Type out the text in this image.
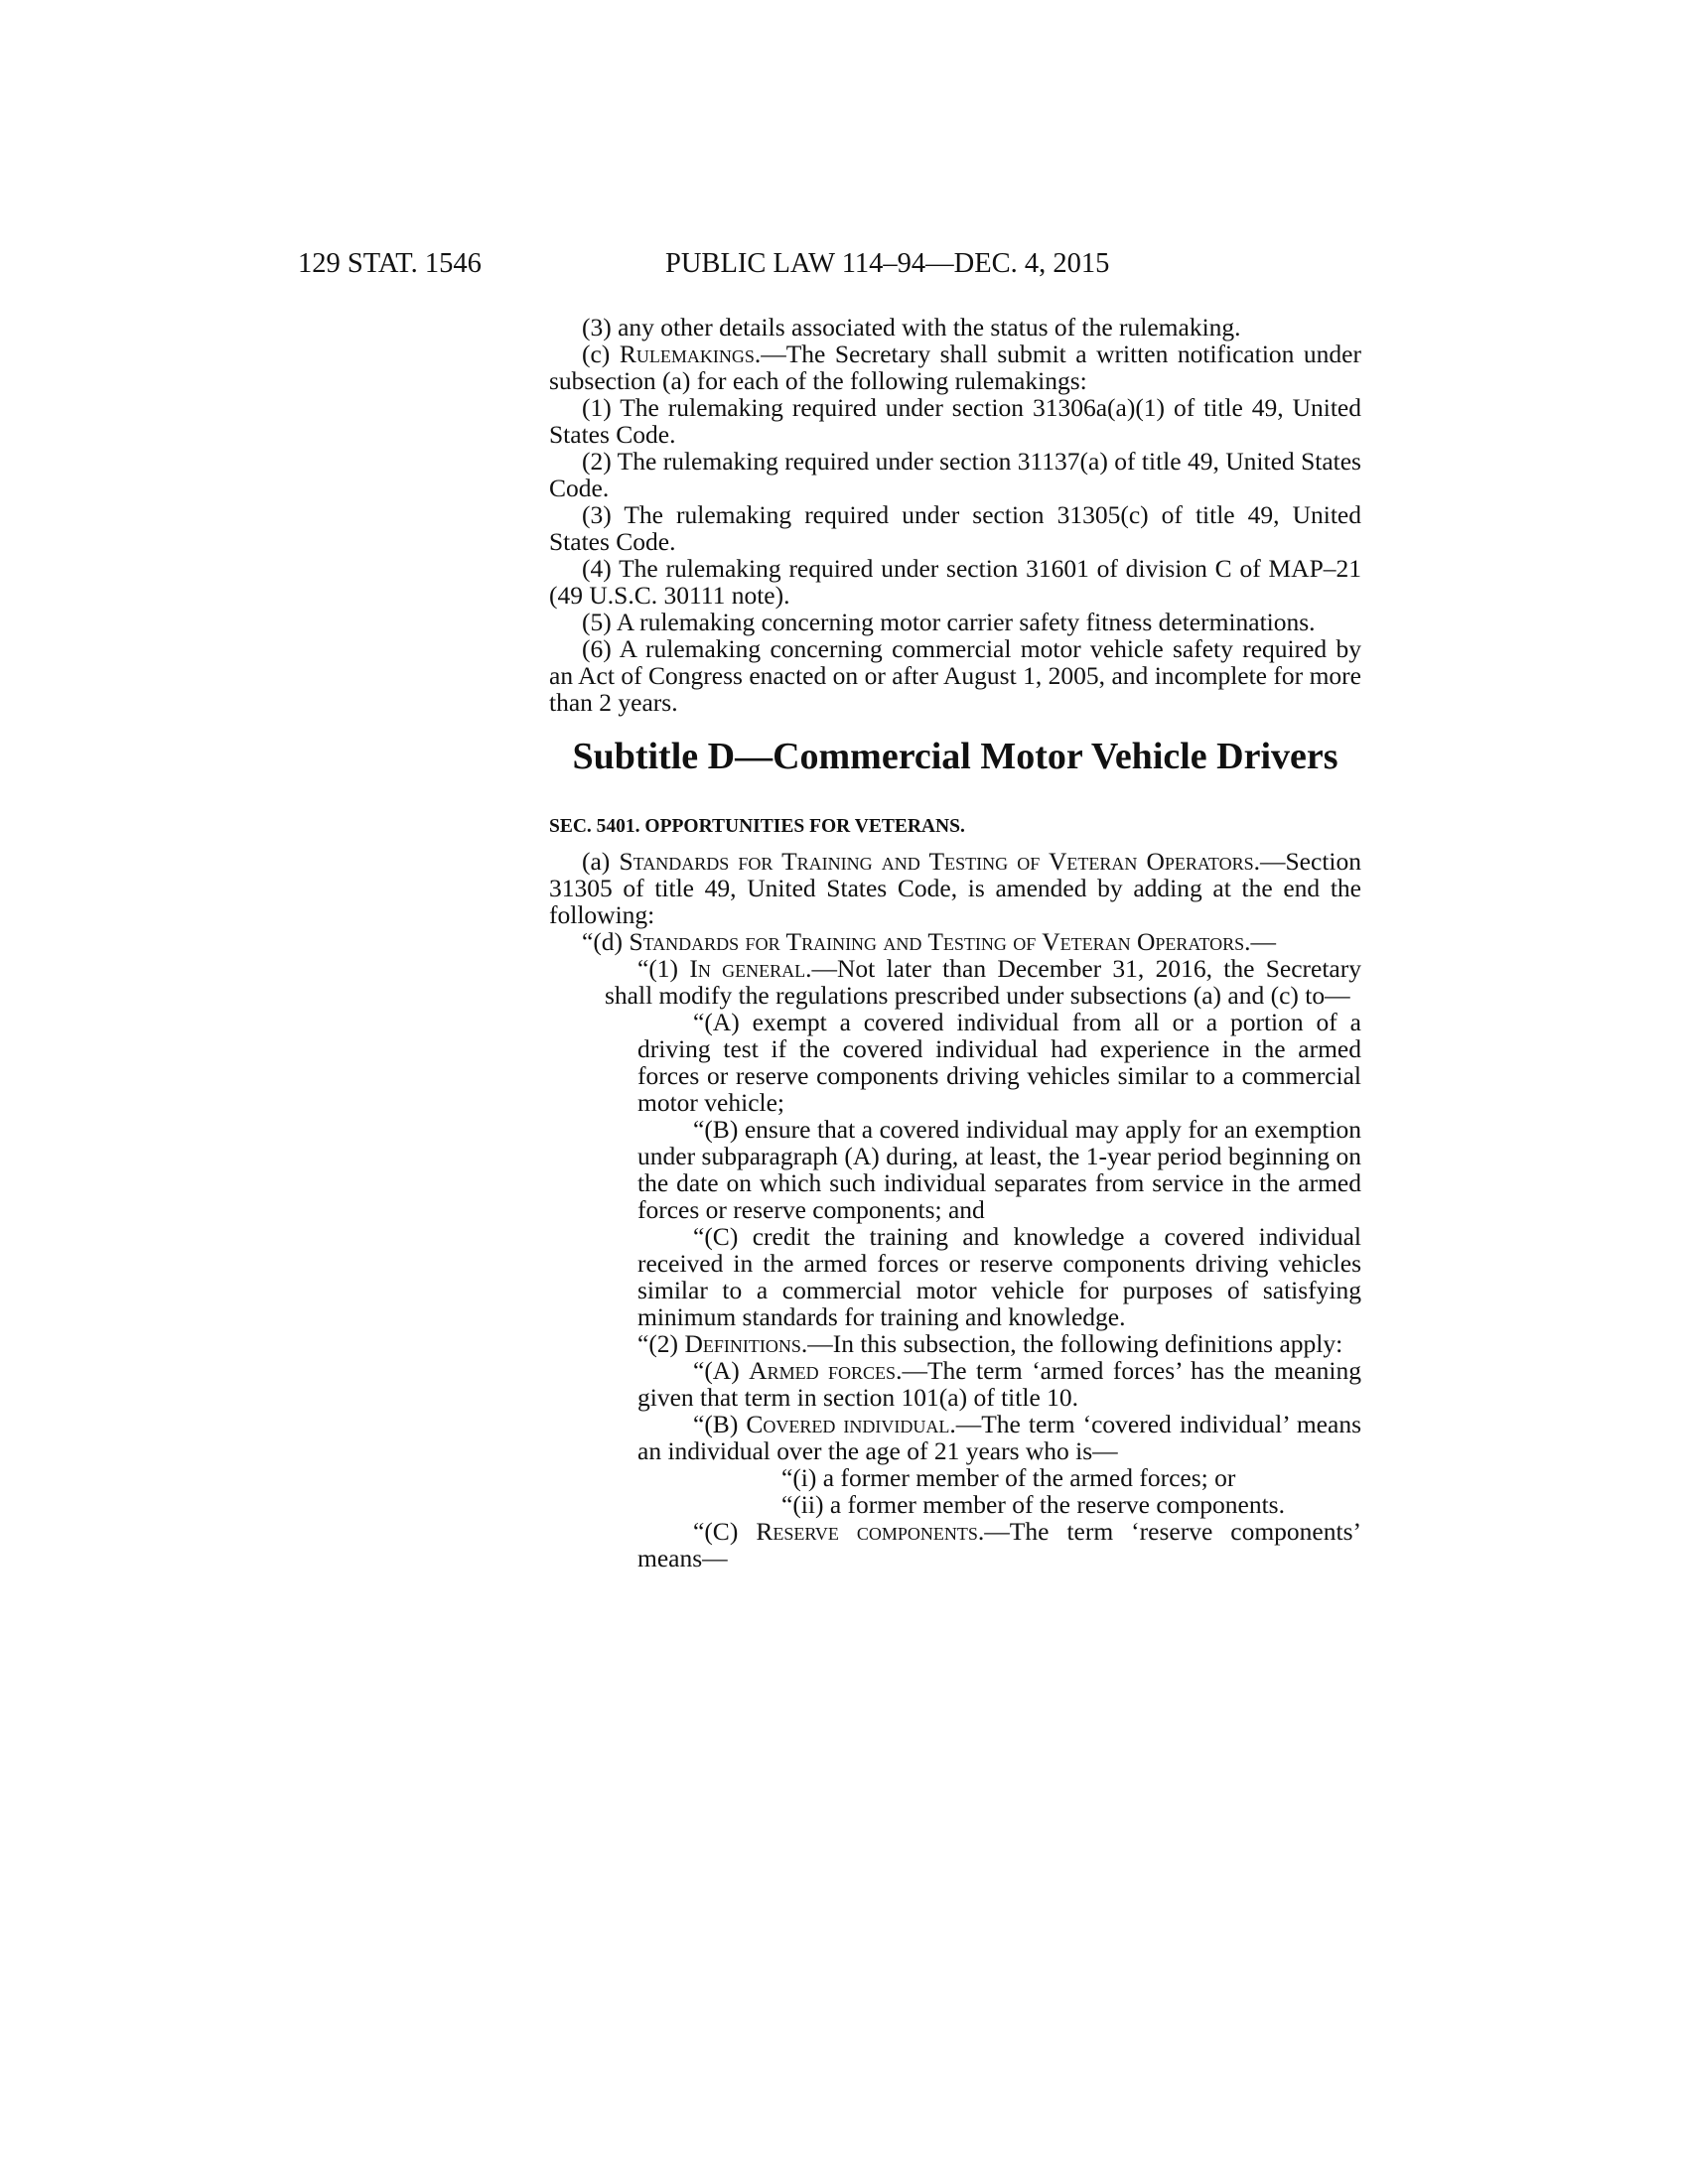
129 STAT. 1546	PUBLIC LAW 114–94—DEC. 4, 2015
(3) any other details associated with the status of the rulemaking.
(c) Rulemakings.—The Secretary shall submit a written notification under subsection (a) for each of the following rulemakings:
(1) The rulemaking required under section 31306a(a)(1) of title 49, United States Code.
(2) The rulemaking required under section 31137(a) of title 49, United States Code.
(3) The rulemaking required under section 31305(c) of title 49, United States Code.
(4) The rulemaking required under section 31601 of division C of MAP–21 (49 U.S.C. 30111 note).
(5) A rulemaking concerning motor carrier safety fitness determinations.
(6) A rulemaking concerning commercial motor vehicle safety required by an Act of Congress enacted on or after August 1, 2005, and incomplete for more than 2 years.
Subtitle D—Commercial Motor Vehicle Drivers
SEC. 5401. OPPORTUNITIES FOR VETERANS.
(a) Standards for Training and Testing of Veteran Operators.—Section 31305 of title 49, United States Code, is amended by adding at the end the following:
“(d) Standards for Training and Testing of Veteran Operators.—
“(1) In general.—Not later than December 31, 2016, the Secretary shall modify the regulations prescribed under subsections (a) and (c) to—
“(A) exempt a covered individual from all or a portion of a driving test if the covered individual had experience in the armed forces or reserve components driving vehicles similar to a commercial motor vehicle;
“(B) ensure that a covered individual may apply for an exemption under subparagraph (A) during, at least, the 1-year period beginning on the date on which such individual separates from service in the armed forces or reserve components; and
“(C) credit the training and knowledge a covered individual received in the armed forces or reserve components driving vehicles similar to a commercial motor vehicle for purposes of satisfying minimum standards for training and knowledge.
“(2) Definitions.—In this subsection, the following definitions apply:
“(A) Armed forces.—The term ‘armed forces’ has the meaning given that term in section 101(a) of title 10.
“(B) Covered individual.—The term ‘covered individual’ means an individual over the age of 21 years who is—
“(i) a former member of the armed forces; or
“(ii) a former member of the reserve components.
“(C) Reserve components.—The term ‘reserve components’ means—
